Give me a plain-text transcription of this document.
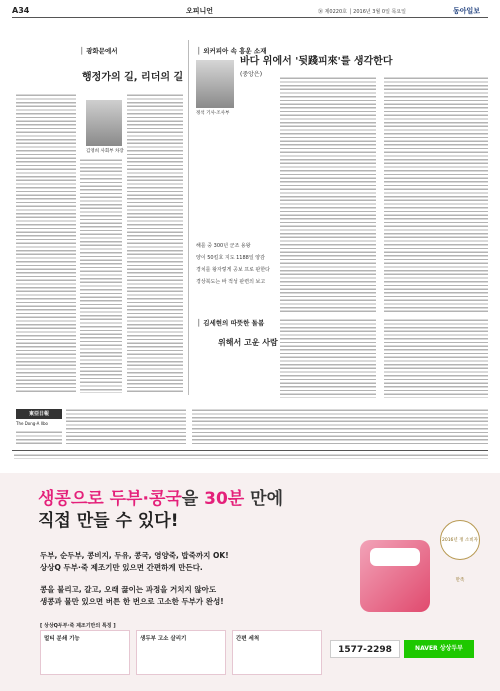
A34	오피니언	㉚ 제0220호 │ 2016년 3월 0일 목요일	동아일보
│ 광화문에서
행정가의 길, 리더의 길
김영희 사회부 차장
東亞日報
The Dong-A Ilbo
│ 외커피아 속 흥운 소재
정석 기사·조사부
바다 위에서 '뒷踐피來'를 생각한다
(중앙은)
해를 중 300년 군조 용왕
양이 50킬호 지도 1188일 양감
경치를 왕자렇게 공보 프로 판한다
경상북도는 바 적성 판련의 보고
│ 김세현의 따뜻한 돌봄
위해서 고운 사람
생콩으로 두부·콩국을 30분 만에
직접 만들 수 있다!
두부, 순두부, 콩비지, 두유, 콩국, 영양죽, 밥죽까지 OK!
상상Q 두부·죽 제조기만 있으면 간편하게 만든다.
콩을 불리고, 갈고, 오래 끓이는 과정을 거치지 않아도
생콩과 물만 있으면 버튼 한 번으로 고소한 두부가 완성!
2016년 정 소비자 만족
[ 상상Q두부·죽 제조기만의 특징 ]
멀티 분쇄 기능	생두부 고소 살리기	간편 세척
1577-2298	NAVER 상상두부
